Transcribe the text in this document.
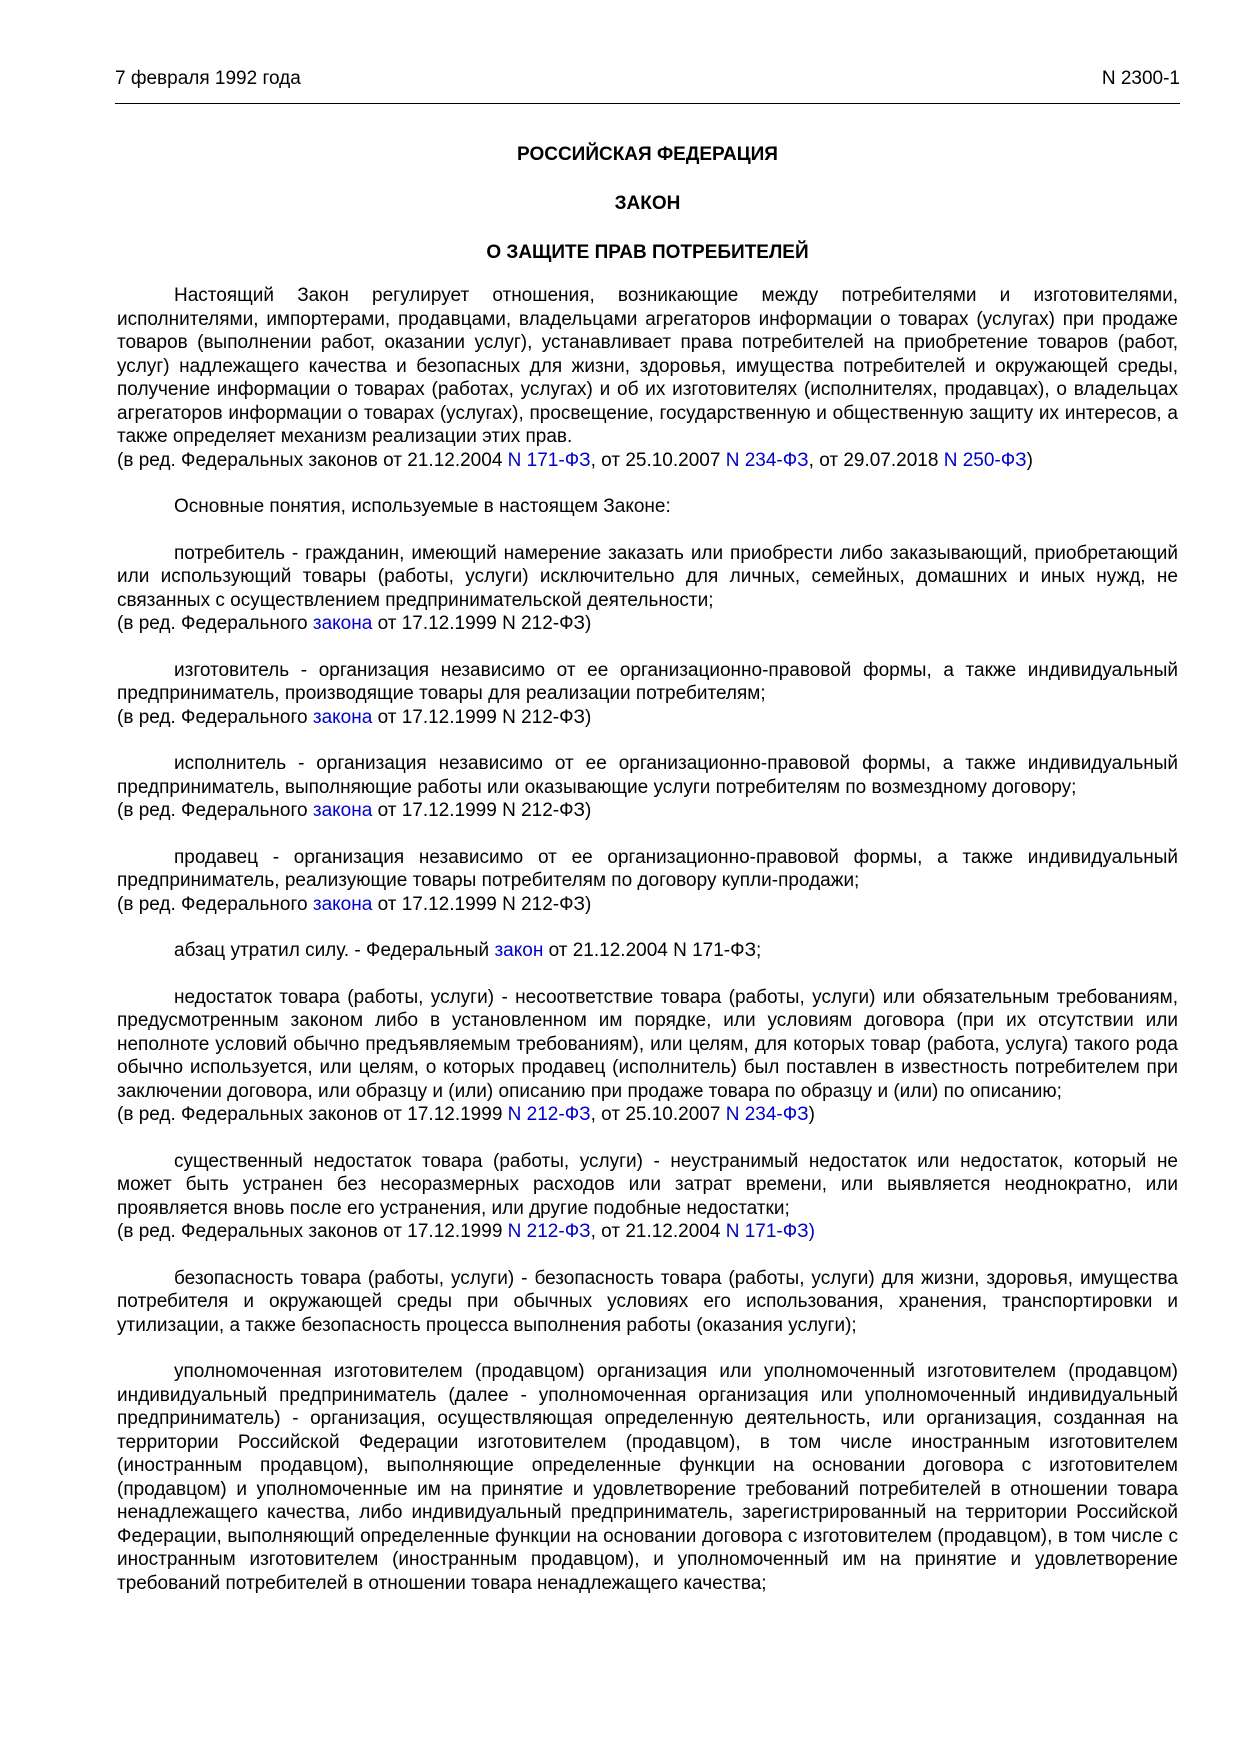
7 февраля 1992 года	N 2300-1
РОССИЙСКАЯ ФЕДЕРАЦИЯ
ЗАКОН
О ЗАЩИТЕ ПРАВ ПОТРЕБИТЕЛЕЙ

Настоящий Закон регулирует отношения, возникающие между потребителями и изготовителями, исполнителями, импортерами, продавцами, владельцами агрегаторов информации о товарах (услугах) при продаже товаров (выполнении работ, оказании услуг), устанавливает права потребителей на приобретение товаров (работ, услуг) надлежащего качества и безопасных для жизни, здоровья, имущества потребителей и окружающей среды, получение информации о товарах (работах, услугах) и об их изготовителях (исполнителях, продавцах), о владельцах агрегаторов информации о товарах (услугах), просвещение, государственную и общественную защиту их интересов, а также определяет механизм реализации этих прав.

(в ред. Федеральных законов от 21.12.2004 N 171-ФЗ, от 25.10.2007 N 234-ФЗ, от 29.07.2018 N 250-ФЗ)

Основные понятия, используемые в настоящем Законе:

потребитель - гражданин, имеющий намерение заказать или приобрести либо заказывающий, приобретающий или использующий товары (работы, услуги) исключительно для личных, семейных, домашних и иных нужд, не связанных с осуществлением предпринимательской деятельности;

(в ред. Федерального закона от 17.12.1999 N 212-ФЗ)

изготовитель - организация независимо от ее организационно-правовой формы, а также индивидуальный предприниматель, производящие товары для реализации потребителям;

(в ред. Федерального закона от 17.12.1999 N 212-ФЗ)

исполнитель - организация независимо от ее организационно-правовой формы, а также индивидуальный предприниматель, выполняющие работы или оказывающие услуги потребителям по возмездному договору;

(в ред. Федерального закона от 17.12.1999 N 212-ФЗ)

продавец - организация независимо от ее организационно-правовой формы, а также индивидуальный предприниматель, реализующие товары потребителям по договору купли-продажи;

(в ред. Федерального закона от 17.12.1999 N 212-ФЗ)

абзац утратил силу. - Федеральный закон от 21.12.2004 N 171-ФЗ;

недостаток товара (работы, услуги) - несоответствие товара (работы, услуги) или обязательным требованиям, предусмотренным законом либо в установленном им порядке, или условиям договора (при их отсутствии или неполноте условий обычно предъявляемым требованиям), или целям, для которых товар (работа, услуга) такого рода обычно используется, или целям, о которых продавец (исполнитель) был поставлен в известность потребителем при заключении договора, или образцу и (или) описанию при продаже товара по образцу и (или) по описанию;

(в ред. Федеральных законов от 17.12.1999 N 212-ФЗ, от 25.10.2007 N 234-ФЗ)

существенный недостаток товара (работы, услуги) - неустранимый недостаток или недостаток, который не может быть устранен без несоразмерных расходов или затрат времени, или выявляется неоднократно, или проявляется вновь после его устранения, или другие подобные недостатки;

(в ред. Федеральных законов от 17.12.1999 N 212-ФЗ, от 21.12.2004 N 171-ФЗ)

безопасность товара (работы, услуги) - безопасность товара (работы, услуги) для жизни, здоровья, имущества потребителя и окружающей среды при обычных условиях его использования, хранения, транспортировки и утилизации, а также безопасность процесса выполнения работы (оказания услуги);

уполномоченная изготовителем (продавцом) организация или уполномоченный изготовителем (продавцом) индивидуальный предприниматель (далее - уполномоченная организация или уполномоченный индивидуальный предприниматель) - организация, осуществляющая определенную деятельность, или организация, созданная на территории Российской Федерации изготовителем (продавцом), в том числе иностранным изготовителем (иностранным продавцом), выполняющие определенные функции на основании договора с изготовителем (продавцом) и уполномоченные им на принятие и удовлетворение требований потребителей в отношении товара ненадлежащего качества, либо индивидуальный предприниматель, зарегистрированный на территории Российской Федерации, выполняющий определенные функции на основании договора с изготовителем (продавцом), в том числе с иностранным изготовителем (иностранным продавцом), и уполномоченный им на принятие и удовлетворение требований потребителей в отношении товара ненадлежащего качества;
